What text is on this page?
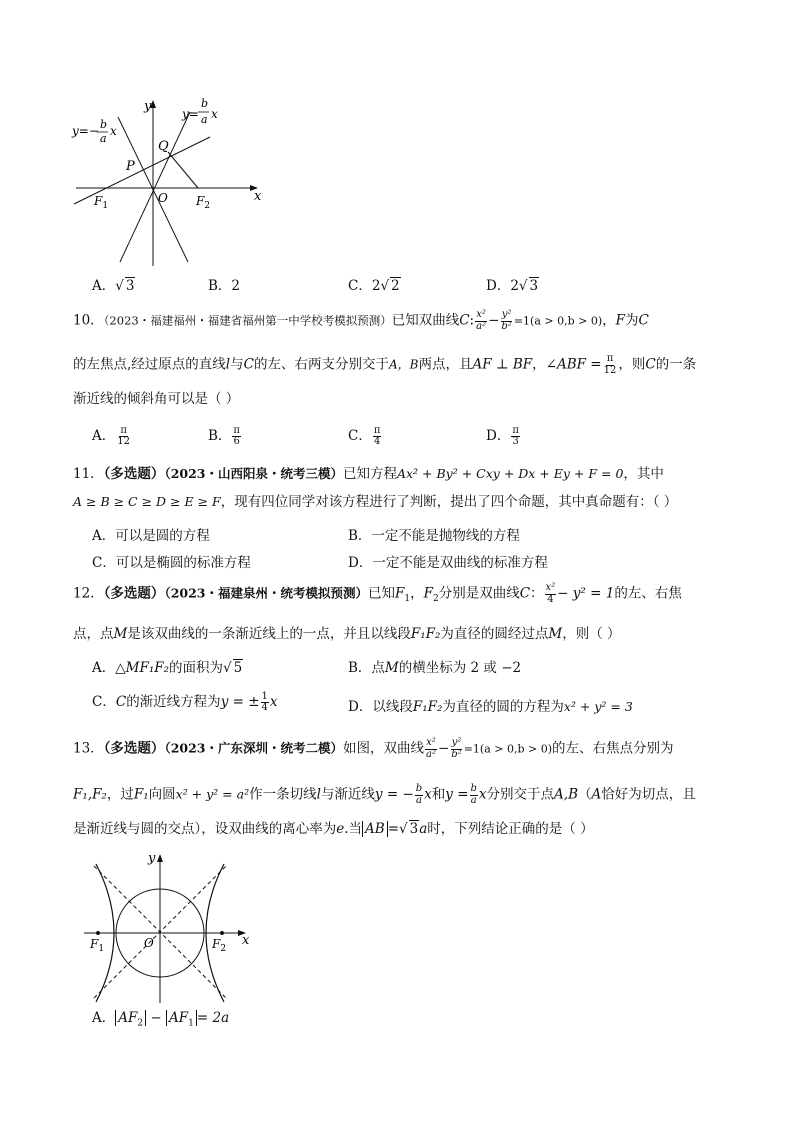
y
x
O
P
Q
$F_1$	$F_2$
y=− b
a
x
y=
b
a x
A．√ 3	B．2	C．2√ 2	D．2√ 3
10．（2023・福建福州・福建省福州第一中学校考模拟预测）已知双曲线C: $\frac{\text{x²}}{\text{a²}} - \frac{\text{y²}}{\text{b²}} =1(a > 0,b > 0)$，F为C
的左焦点,经过原点的直线l与C的左、右两支分别交于A，B两点，且AF ⊥ BF，∠ABF = $\frac{\pi}{12}$ ，则C的一条
渐近线的倾斜角可以是（ ）
A． $\frac{\pi}{12}$	B． $\frac{\pi}{6}$	C． $\frac{\pi}{4}$	D． $\frac{\pi}{3}$
11．（多选题）（2023・山西阳泉・统考三模）已知方程Ax² + By² + Cxy + Dx + Ey + F = 0，其中
A ≥ B ≥ C ≥ D ≥ E ≥ F，现有四位同学对该方程进行了判断，提出了四个命题，其中真命题有：（ ）
A．可以是圆的方程	B．一定不能是抛物线的方程
C．可以是椭圆的标准方程	D．一定不能是双曲线的标准方程
12．（多选题）（2023・福建泉州・统考模拟预测）已知$F_1$，$F_2$分别是双曲线C： $\frac{\text{x²}}{4} - y^2 = 1$的左、右焦
点，点M是该双曲线的一条渐近线上的一点，并且以线段F₁F₂为直径的圆经过点M，则（ ）
A．△MF₁F₂的面积为√ 5	B．点M的横坐标为 2 或 −2
C．C的渐近线方程为y = ± $\frac{1}{4}$ x	D．以线段F₁F₂为直径的圆的方程为x² + y² = 3
13．（多选题）（2023・广东深圳・统考二模）如图，双曲线 $\frac{\text{x²}}{\text{a²}} - \frac{\text{y²}}{\text{b²}} =1(a > 0,b > 0)$的左、右焦点分别为
F₁,F₂，过F₁向圆x² + y² = a²作一条切线l与渐近线y = − $\frac{b}{a}$ x和$y = \frac{b}{a}$ x分别交于点A,B（A恰好为切点，且
是渐近线与圆的交点），设双曲线的离心率为e.当 AB =√ 3a时，下列结论正确的是（ ）
y
x
O
$F_1$	$F_2$
A． $AF_2 - AF_1 = 2a$
